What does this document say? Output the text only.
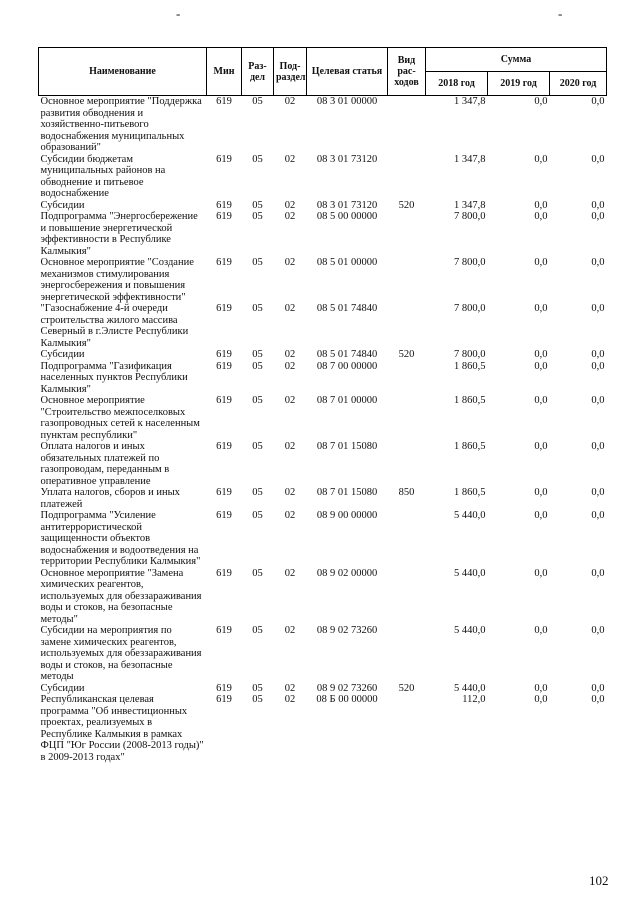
-	-
Наименование	Мин	Раз-дел	Под-раздел	Целевая статья	Вид рас-ходов	Сумма		
						2018 год	2019 год	2020 год
Основное мероприятие "Поддержка развития обводнения и хозяйственно-питьевого водоснабжения муниципальных образований"	619	05	02	08 3 01 00000		1 347,8	0,0	0,0
Субсидии бюджетам муниципальных районов на обводнение и питьевое водоснабжение	619	05	02	08 3 01 73120		1 347,8	0,0	0,0
Субсидии	619	05	02	08 3 01 73120	520	1 347,8	0,0	0,0
Подпрограмма "Энергосбережение и повышение энергетической эффективности в Республике Калмыкия"	619	05	02	08 5 00 00000		7 800,0	0,0	0,0
Основное мероприятие "Создание механизмов стимулирования энергосбережения и повышения энергетической эффективности"	619	05	02	08 5 01 00000		7 800,0	0,0	0,0
"Газоснабжение 4-й очереди строительства жилого массива Северный в г.Элисте Республики Калмыкия"	619	05	02	08 5 01 74840		7 800,0	0,0	0,0
Субсидии	619	05	02	08 5 01 74840	520	7 800,0	0,0	0,0
Подпрограмма "Газификация населенных пунктов Республики Калмыкия"	619	05	02	08 7 00 00000		1 860,5	0,0	0,0
Основное мероприятие "Строительство межпоселковых газопроводных сетей к населенным пунктам республики"	619	05	02	08 7 01 00000		1 860,5	0,0	0,0
Оплата налогов и иных обязательных платежей по газопроводам, переданным в оперативное управление	619	05	02	08 7 01 15080		1 860,5	0,0	0,0
Уплата налогов, сборов и иных платежей	619	05	02	08 7 01 15080	850	1 860,5	0,0	0,0
Подпрограмма "Усиление антитеррористической защищенности объектов водоснабжения и водоотведения на территории Республики Калмыкия"	619	05	02	08 9 00 00000		5 440,0	0,0	0,0
Основное мероприятие "Замена химических реагентов, используемых для обеззараживания воды и стоков, на безопасные методы"	619	05	02	08 9 02 00000		5 440,0	0,0	0,0
Субсидии на мероприятия по замене химических реагентов, используемых для обеззараживания воды и стоков, на безопасные методы	619	05	02	08 9 02 73260		5 440,0	0,0	0,0
Субсидии	619	05	02	08 9 02 73260	520	5 440,0	0,0	0,0
Республиканская целевая программа "Об инвестиционных проектах, реализуемых в Республике Калмыкия в рамках ФЦП "Юг России (2008-2013 годы)" в 2009-2013 годах"	619	05	02	08 Б 00 00000		112,0	0,0	0,0
102
